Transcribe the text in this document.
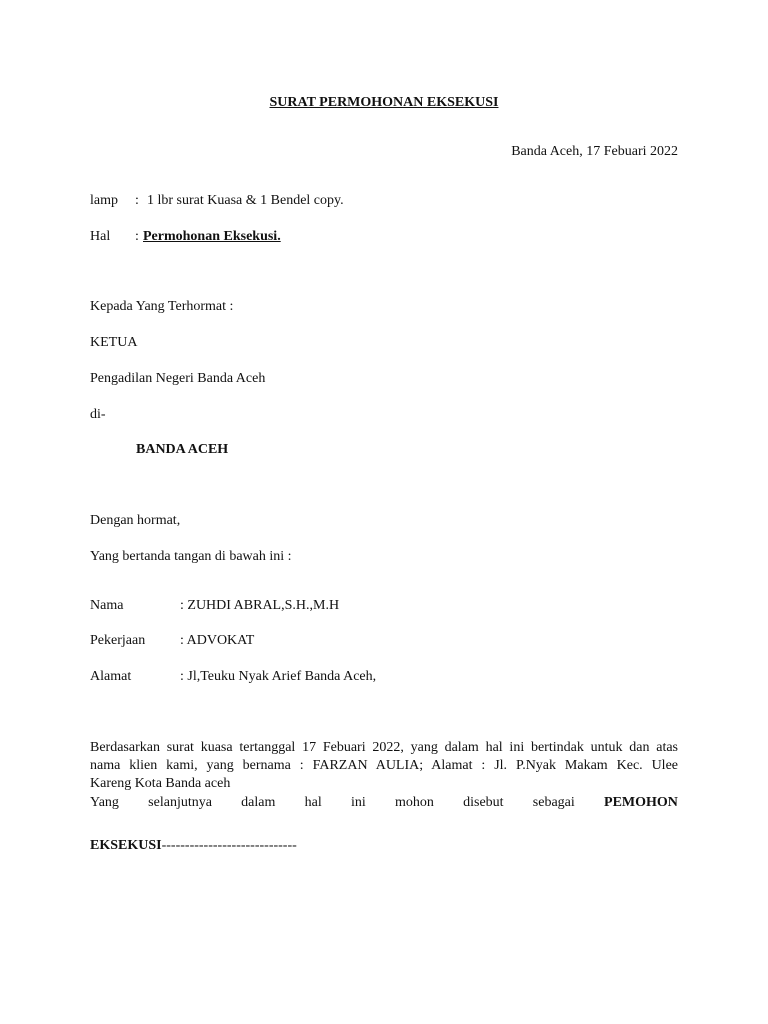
SURAT PERMOHONAN EKSEKUSI
Banda Aceh, 17 Febuari 2022
lamp : 1 lbr surat Kuasa & 1 Bendel copy.
Hal : Permohonan Eksekusi.
Kepada Yang Terhormat :
KETUA
Pengadilan Negeri Banda Aceh
di-
BANDA ACEH
Dengan hormat,
Yang bertanda tangan di bawah ini :
Nama	: ZUHDI ABRAL,S.H.,M.H
Pekerjaan : ADVOKAT
Alamat	: Jl,Teuku Nyak Arief Banda Aceh,
Berdasarkan surat kuasa tertanggal 17 Febuari 2022, yang dalam hal ini bertindak untuk dan atas
nama klien kami, yang bernama : FARZAN AULIA; Alamat : Jl. P.Nyak Makam Kec. Ulee
Kareng Kota Banda aceh
Yang selanjutnya dalam hal ini mohon disebut sebagai PEMOHON
EKSEKUSI-----------------------------
